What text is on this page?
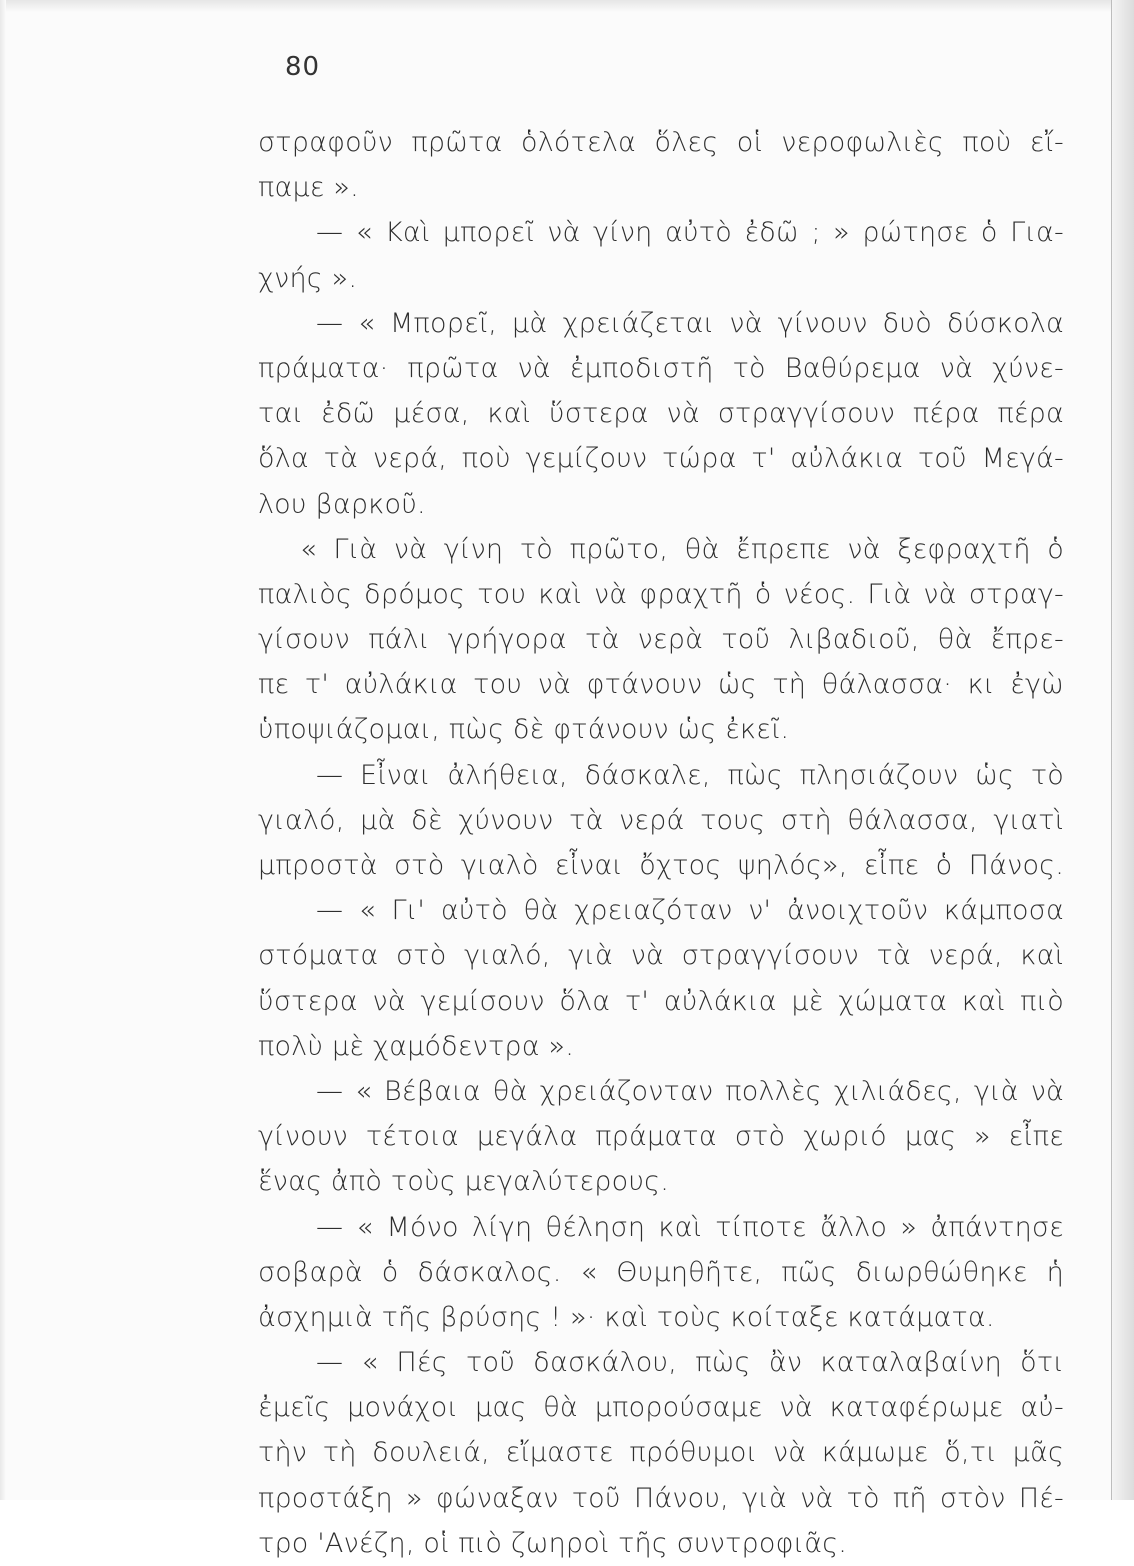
80
στραφοῦν πρῶτα ὁλότελα ὅλες οἱ νεροφωλιὲς ποὺ εἴ-
παμε ».
— « Καὶ μπορεῖ νὰ γίνη αὐτὸ ἐδῶ ; » ρώτησε ὁ Για-
χνής ».
— « Μπορεῖ, μὰ χρειάζεται νὰ γίνουν δυὸ δύσκολα
πράματα· πρῶτα νὰ ἐμποδιστῆ τὸ Βαθύρεμα νὰ χύνε-
ται ἐδῶ μέσα, καὶ ὕστερα νὰ στραγγίσουν πέρα πέρα
ὅλα τὰ νερά, ποὺ γεμίζουν τώρα τ' αὐλάκια τοῦ Μεγά-
λου βαρκοῦ.
« Γιὰ νὰ γίνη τὸ πρῶτο, θὰ ἔπρεπε νὰ ξεφραχτῆ ὁ
παλιὸς δρόμος του καὶ νὰ φραχτῆ ὁ νέος. Γιὰ νὰ στραγ-
γίσουν πάλι γρήγορα τὰ νερὰ τοῦ λιβαδιοῦ, θὰ ἔπρε-
πε τ' αὐλάκια του νὰ φτάνουν ὡς τὴ θάλασσα· κι ἐγὼ
ὑποψιάζομαι, πὼς δὲ φτάνουν ὡς ἐκεῖ.
— Εἶναι ἀλήθεια, δάσκαλε, πὼς πλησιάζουν ὡς τὸ
γιαλό, μὰ δὲ χύνουν τὰ νερά τους στὴ θάλασσα, γιατὶ
μπροστὰ στὸ γιαλὸ εἶναι ὄχτος ψηλός», εἶπε ὁ Πάνος.
— « Γι' αὐτὸ θὰ χρειαζόταν ν' ἀνοιχτοῦν κάμποσα
στόματα στὸ γιαλό, γιὰ νὰ στραγγίσουν τὰ νερά, καὶ
ὕστερα νὰ γεμίσουν ὅλα τ' αὐλάκια μὲ χώματα καὶ πιὸ
πολὺ μὲ χαμόδεντρα ».
— « Βέβαια θὰ χρειάζονταν πολλὲς χιλιάδες, γιὰ νὰ
γίνουν τέτοια μεγάλα πράματα στὸ χωριό μας » εἶπε
ἕνας ἀπὸ τοὺς μεγαλύτερους.
— « Μόνο λίγη θέληση καὶ τίποτε ἄλλο » ἀπάντησε
σοβαρὰ ὁ δάσκαλος. « Θυμηθῆτε, πῶς διωρθώθηκε ἡ
ἀσχημιὰ τῆς βρύσης ! »· καὶ τοὺς κοίταξε κατάματα.
— « Πές τοῦ δασκάλου, πὼς ἂν καταλαβαίνη ὅτι
ἐμεῖς μονάχοι μας θὰ μπορούσαμε νὰ καταφέρωμε αὐ-
τὴν τὴ δουλειά, εἴμαστε πρόθυμοι νὰ κάμωμε ὅ,τι μᾶς
προστάξη » φώναξαν τοῦ Πάνου, γιὰ νὰ τὸ πῆ στὸν Πέ-
τρο 'Ανέζη, οἱ πιὸ ζωηροὶ τῆς συντροφιᾶς.
